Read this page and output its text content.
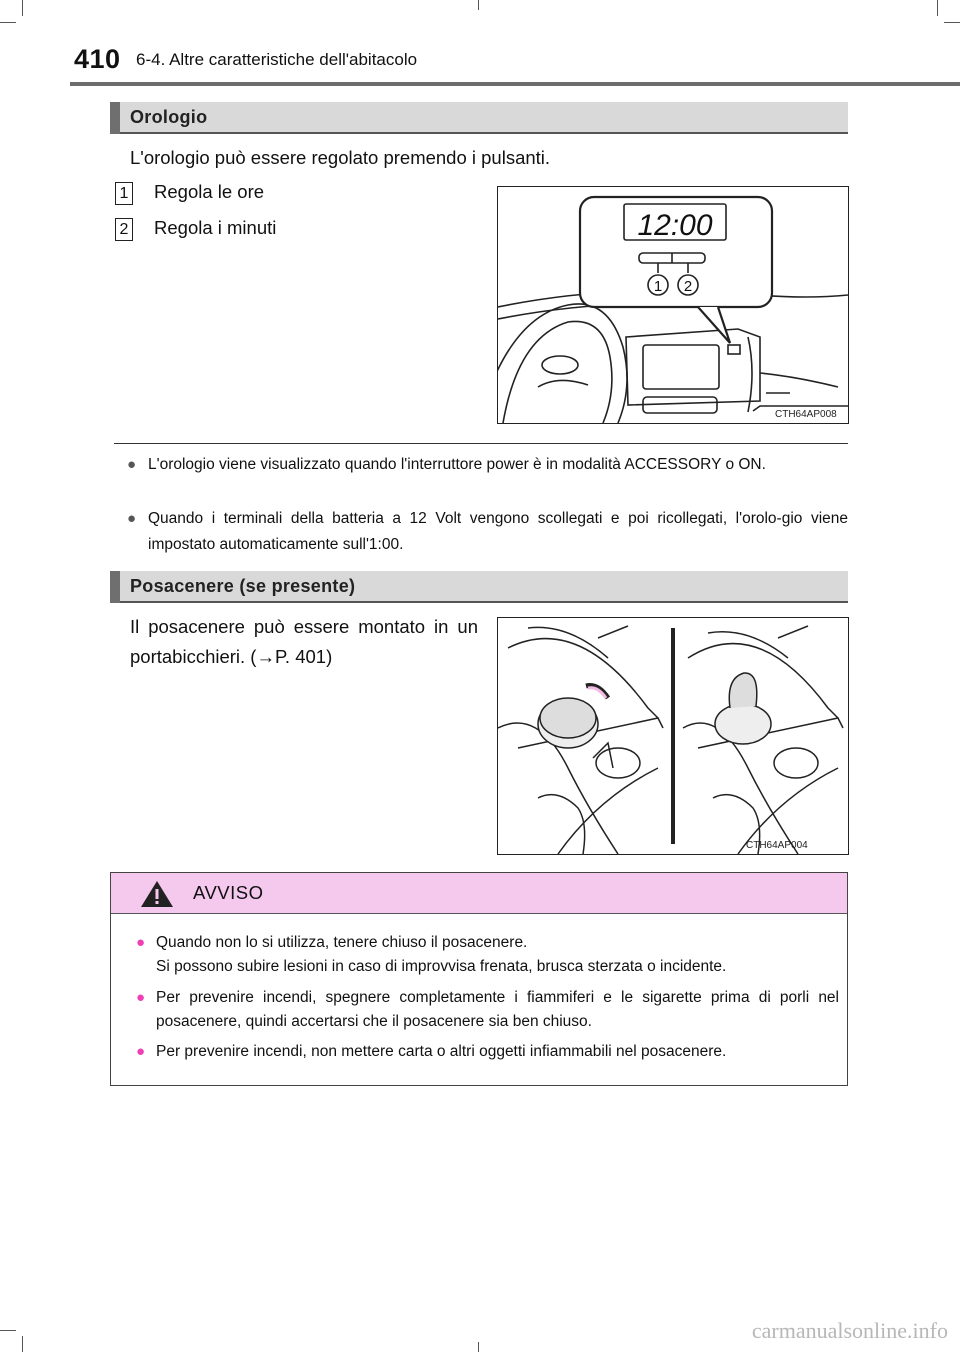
410 6-4. Altre caratteristiche dell'abitacolo
Orologio
L'orologio può essere regolato premendo i pulsanti.
1 Regola le ore
2 Regola i minuti	12:00
1 2
CTH64AP008
● L'orologio viene visualizzato quando l'interruttore power è in modalità ACCESSORY o ON.
● Quando i terminali della batteria a 12 Volt vengono scollegati e poi ricollegati, l'orolo-gio viene impostato automaticamente sull'1:00.
Posacenere (se presente)
Il posacenere può essere montato in un portabicchieri. (→P. 401)
CTH64AP004
AVVISO
● Quando non lo si utilizza, tenere chiuso il posacenere.
Si possono subire lesioni in caso di improvvisa frenata, brusca sterzata o incidente.
● Per prevenire incendi, spegnere completamente i fiammiferi e le sigarette prima di porli nel posacenere, quindi accertarsi che il posacenere sia ben chiuso.
● Per prevenire incendi, non mettere carta o altri oggetti infiammabili nel posacenere.
carmanualsonline.info
